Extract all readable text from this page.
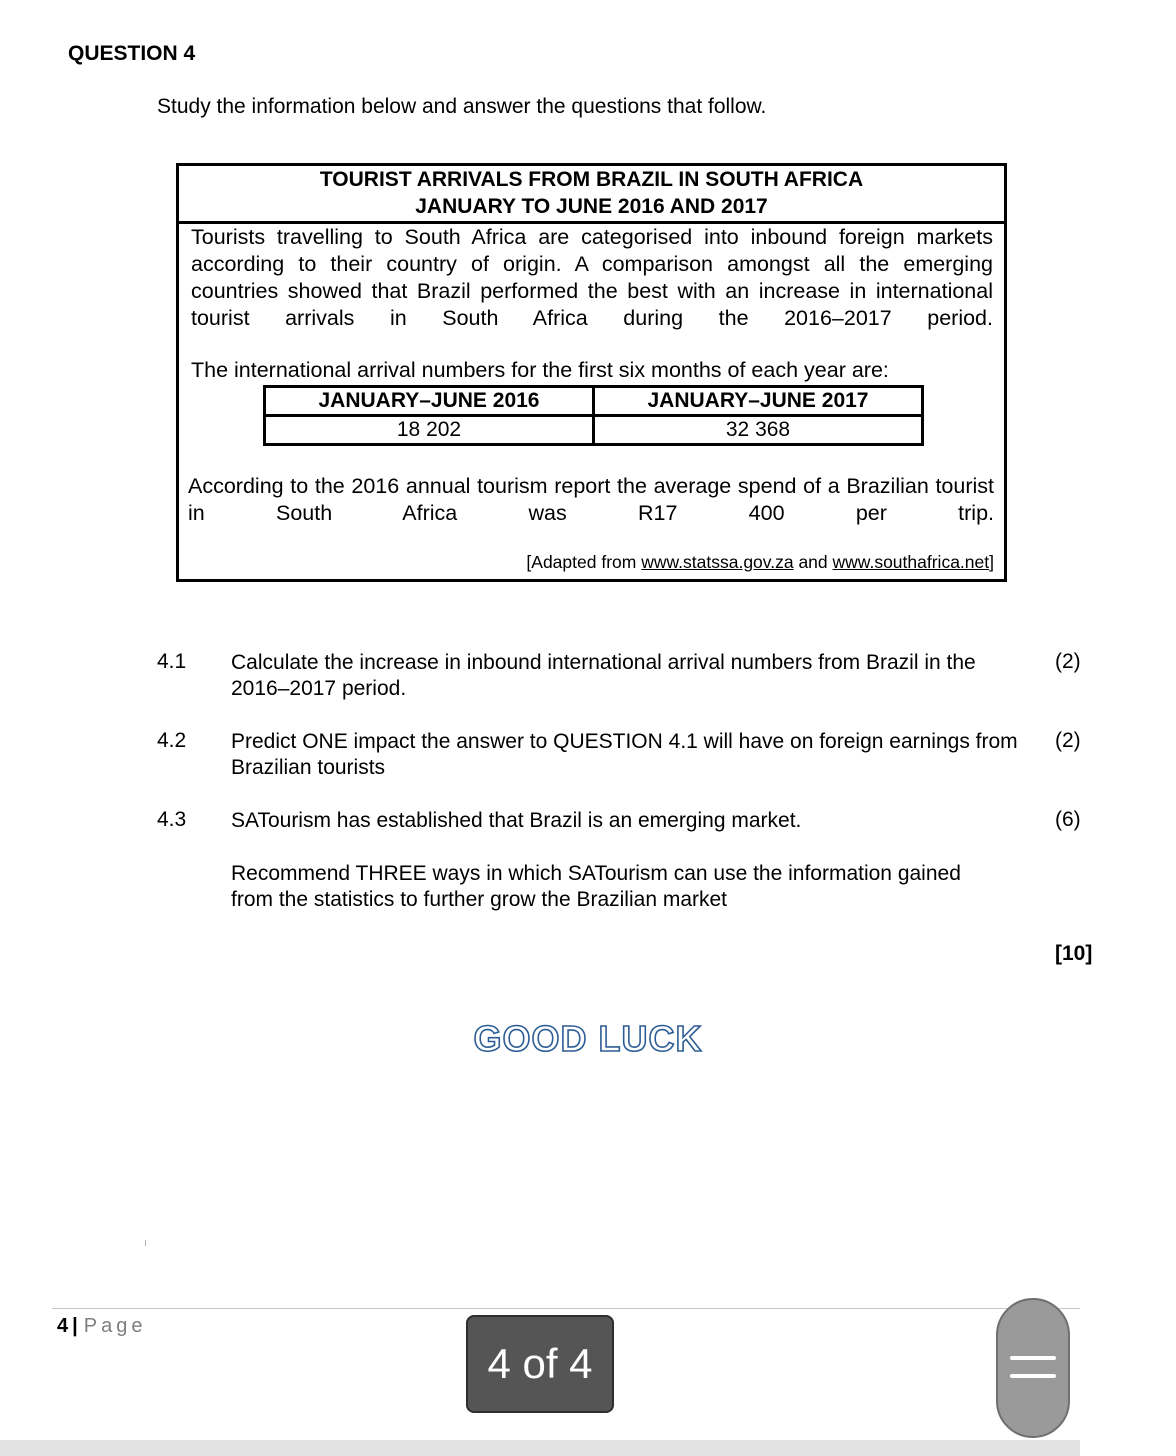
QUESTION 4
Study the information below and answer the questions that follow.
TOURIST ARRIVALS FROM BRAZIL IN SOUTH AFRICA
JANUARY TO JUNE 2016 AND 2017
Tourists travelling to South Africa are categorised into inbound foreign markets according to their country of origin. A comparison amongst all the emerging countries showed that Brazil performed the best with an increase in international tourist arrivals in South Africa during the 2016–2017 period.
The international arrival numbers for the first six months of each year are:
JANUARY–JUNE 2016	JANUARY–JUNE 2017
18 202	32 368
According to the 2016 annual tourism report the average spend of a Brazilian tourist in South Africa was R17 400 per trip.
[Adapted from www.statssa.gov.za and www.southafrica.net]
4.1 Calculate the increase in inbound international arrival numbers from Brazil in the 2016–2017 period.
(2)
4.2 Predict ONE impact the answer to QUESTION 4.1 will have on foreign earnings from Brazilian tourists
(2)
4.3 SATourism has established that Brazil is an emerging market.	(6)
Recommend THREE ways in which SATourism can use the information gained from the statistics to further grow the Brazilian market
[10]
GOOD LUCK
4 | Page
4 of 4
